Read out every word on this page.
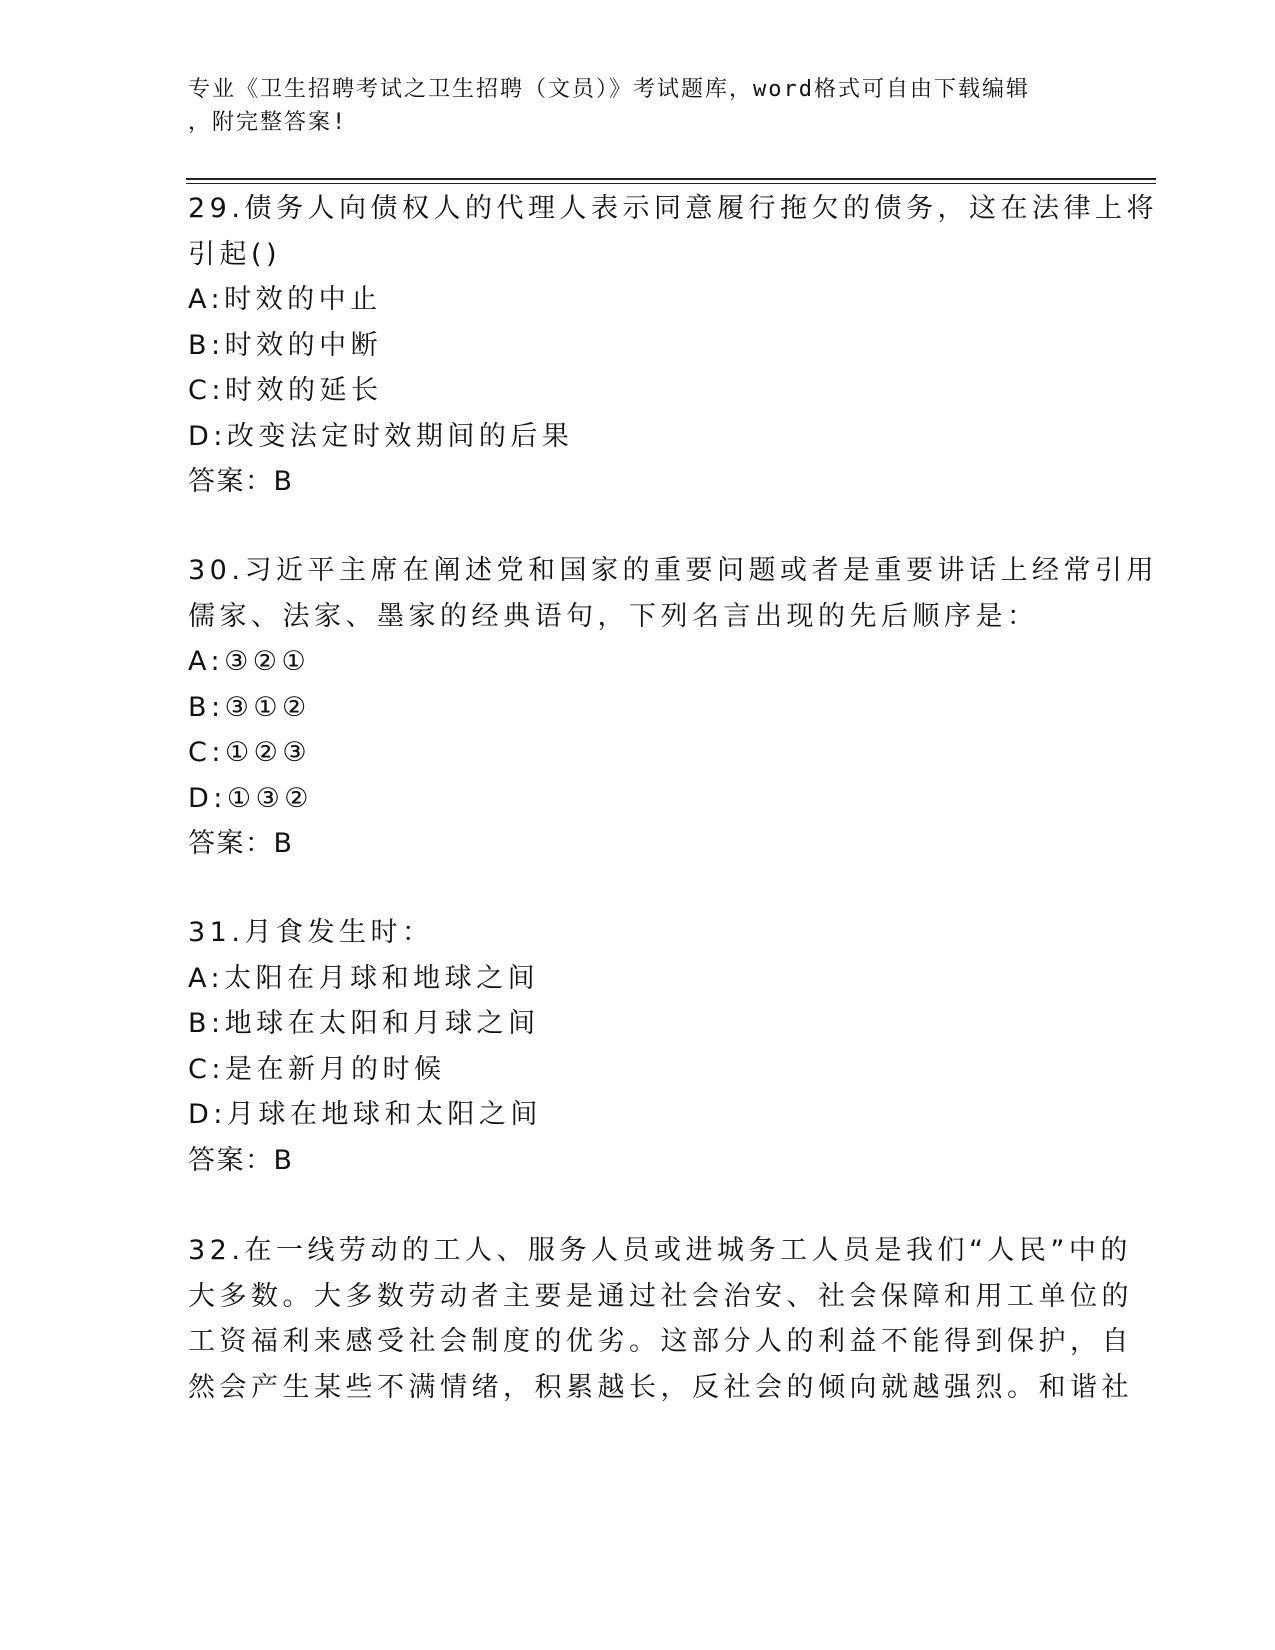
专业《卫生招聘考试之卫生招聘（文员）》考试题库，word格式可自由下载编辑
，附完整答案!
29.债务人向债权人的代理人表示同意履行拖欠的债务，这在法律上将
引起()
A:时效的中止
B:时效的中断
C:时效的延长
D:改变法定时效期间的后果
答案：B
30.习近平主席在阐述党和国家的重要问题或者是重要讲话上经常引用
儒家、法家、墨家的经典语句，下列名言出现的先后顺序是：
A:③②①
B:③①②
C:①②③
D:①③②
答案：B
31.月食发生时：
A:太阳在月球和地球之间
B:地球在太阳和月球之间
C:是在新月的时候
D:月球在地球和太阳之间
答案：B
32.在一线劳动的工人、服务人员或进城务工人员是我们“人民”中的
大多数。大多数劳动者主要是通过社会治安、社会保障和用工单位的
工资福利来感受社会制度的优劣。这部分人的利益不能得到保护，自
然会产生某些不满情绪，积累越长，反社会的倾向就越强烈。和谐社
